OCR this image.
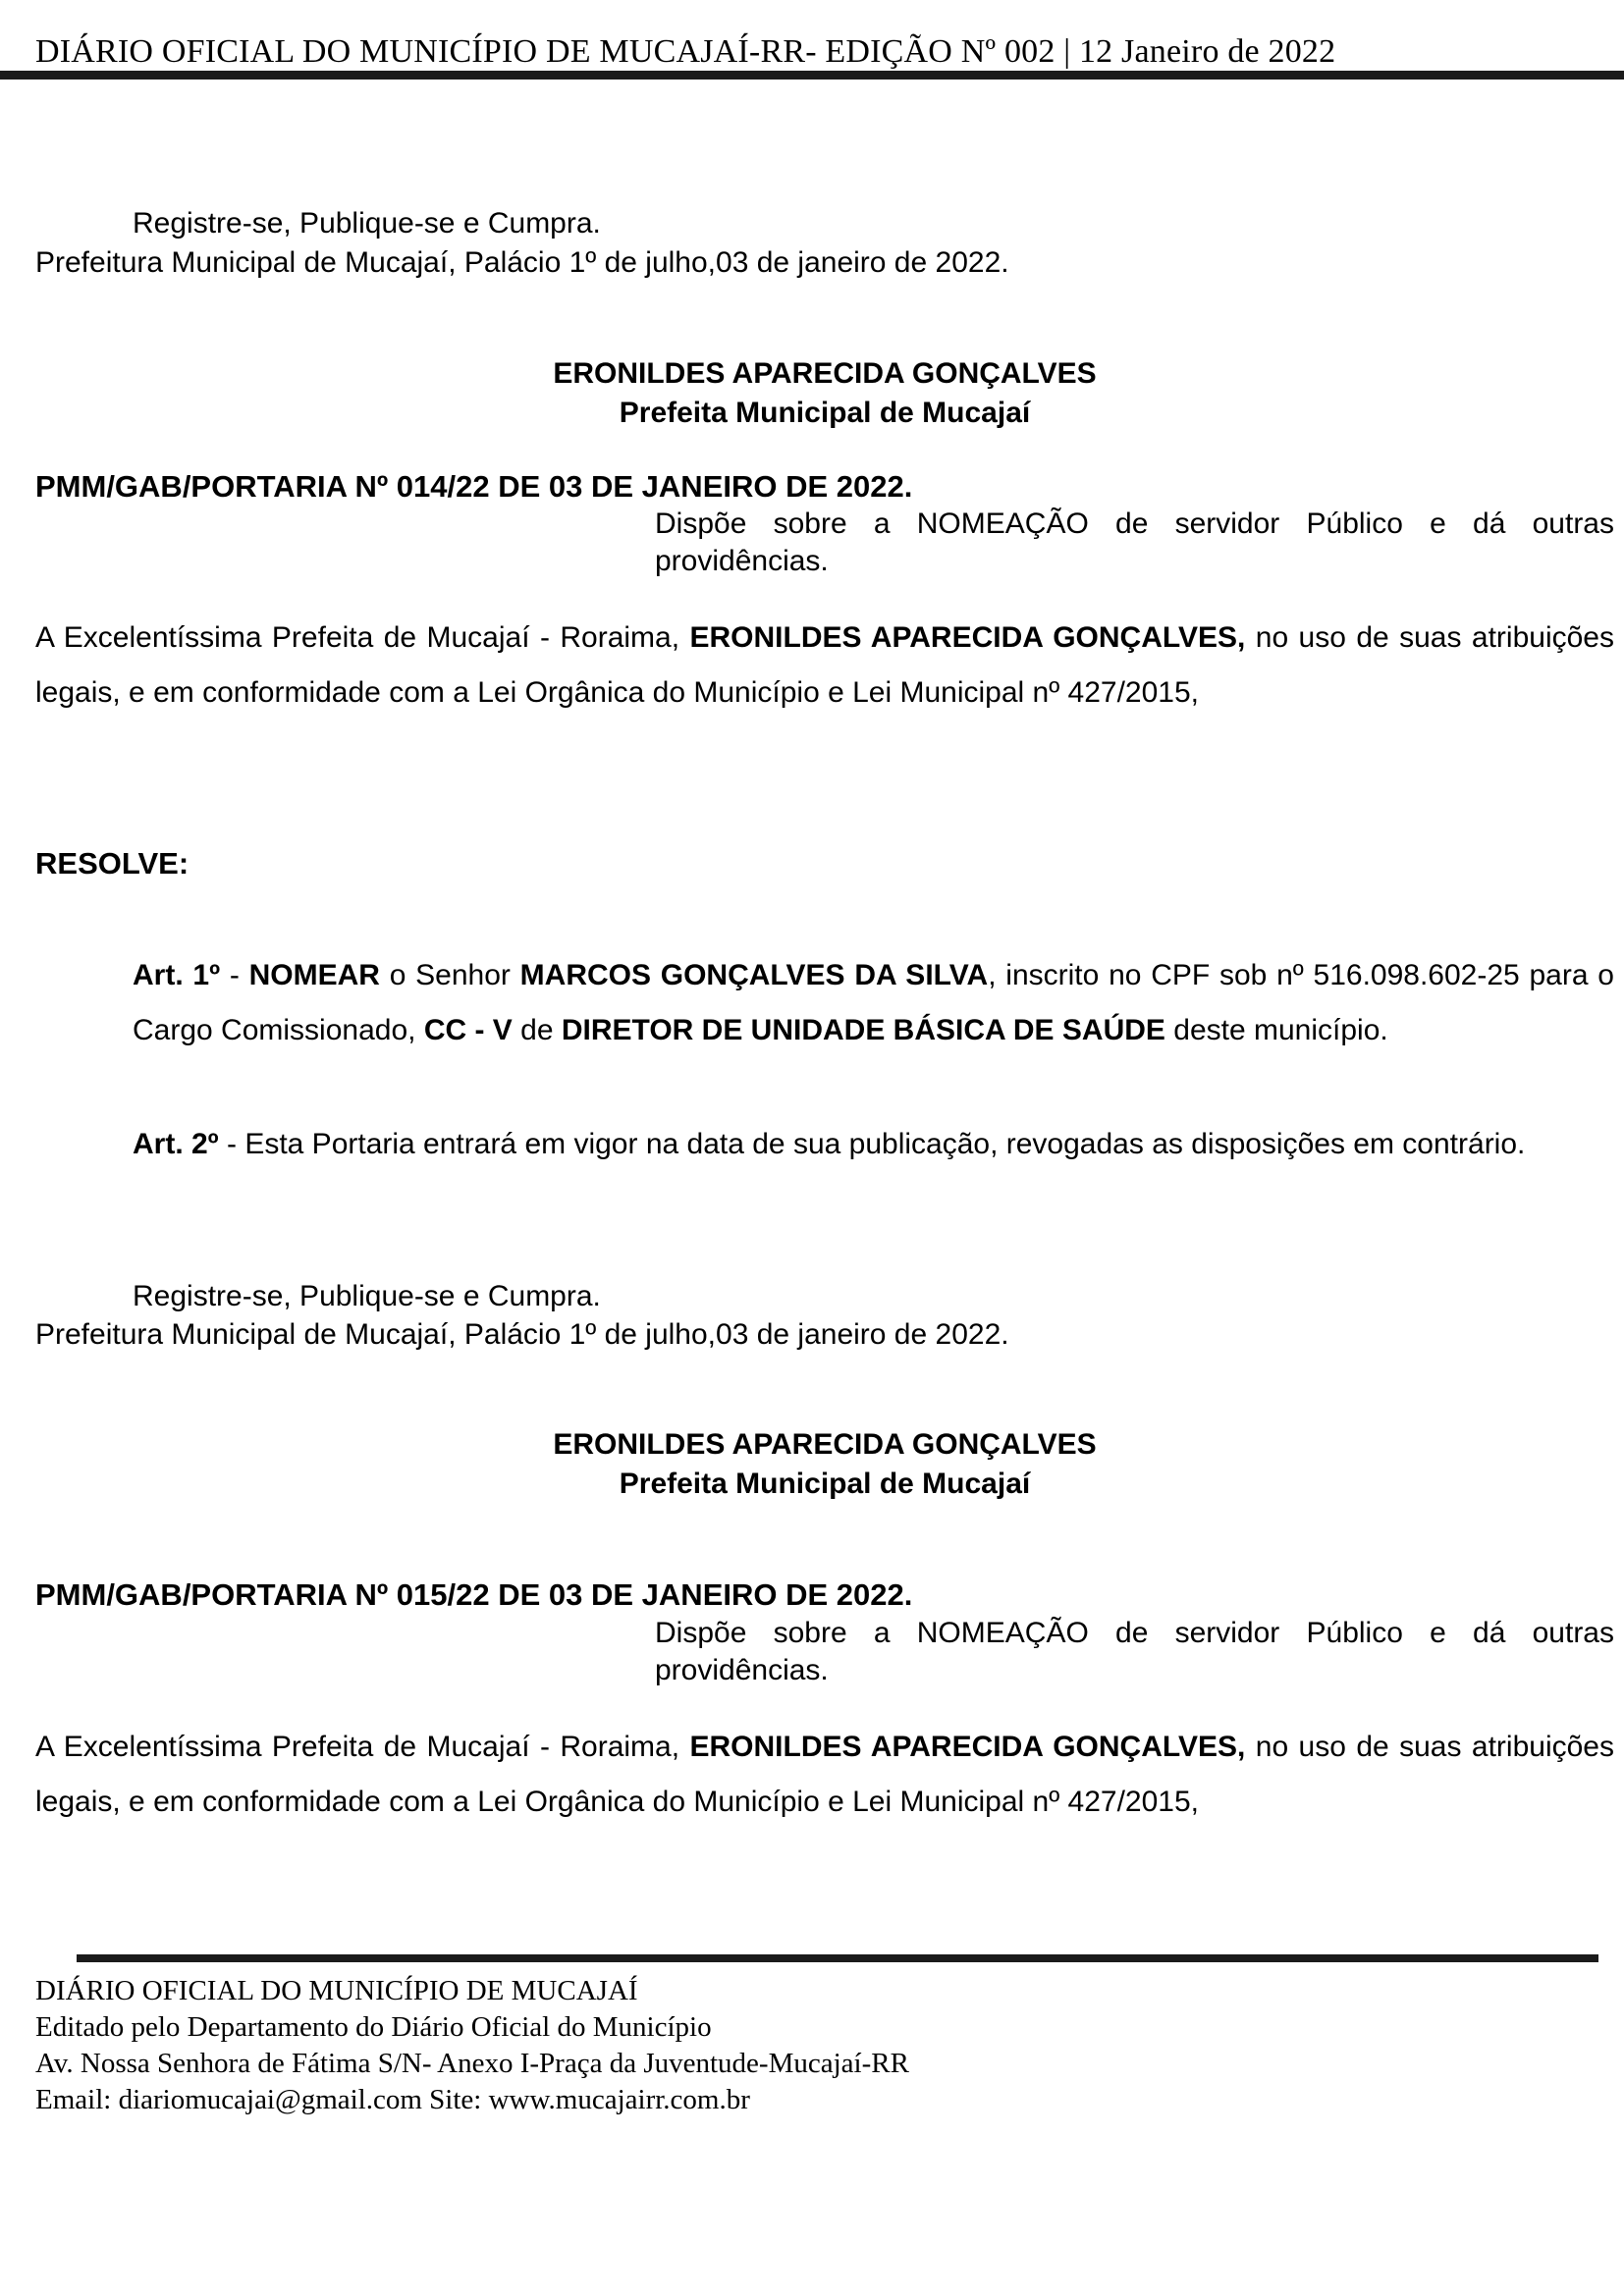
DIÁRIO OFICIAL DO MUNICÍPIO DE MUCAJAÍ-RR- EDIÇÃO Nº 002 | 12 Janeiro de 2022

Registre-se, Publique-se e Cumpra.

Prefeitura Municipal de Mucajaí, Palácio 1º de julho,03 de janeiro de 2022.

ERONILDES APARECIDA GONÇALVES

Prefeita Municipal de Mucajaí

PMM/GAB/PORTARIA Nº 014/22 DE 03 DE JANEIRO DE 2022.

Dispõe sobre a NOMEAÇÃO de servidor Público e dá outras providências.

A Excelentíssima Prefeita de Mucajaí - Roraima, ERONILDES APARECIDA GONÇALVES, no uso de suas atribuições legais, e em conformidade com a Lei Orgânica do Município e Lei Municipal nº 427/2015,

RESOLVE:

Art. 1º - NOMEAR o Senhor MARCOS GONÇALVES DA SILVA, inscrito no CPF sob nº 516.098.602-25 para o Cargo Comissionado, CC - V de DIRETOR DE UNIDADE BÁSICA DE SAÚDE deste município.

Art. 2º - Esta Portaria entrará em vigor na data de sua publicação, revogadas as disposições em contrário.

Registre-se, Publique-se e Cumpra.

Prefeitura Municipal de Mucajaí, Palácio 1º de julho,03 de janeiro de 2022.

ERONILDES APARECIDA GONÇALVES

Prefeita Municipal de Mucajaí

PMM/GAB/PORTARIA Nº 015/22 DE 03 DE JANEIRO DE 2022.

Dispõe sobre a NOMEAÇÃO de servidor Público e dá outras providências.

A Excelentíssima Prefeita de Mucajaí - Roraima, ERONILDES APARECIDA GONÇALVES, no uso de suas atribuições legais, e em conformidade com a Lei Orgânica do Município e Lei Municipal nº 427/2015,

DIÁRIO OFICIAL DO MUNICÍPIO DE MUCAJAÍ
Editado pelo Departamento do Diário Oficial do Município
Av. Nossa Senhora de Fátima S/N- Anexo I-Praça da Juventude-Mucajaí-RR
Email: diariomucajai@gmail.com Site: www.mucajairr.com.br
